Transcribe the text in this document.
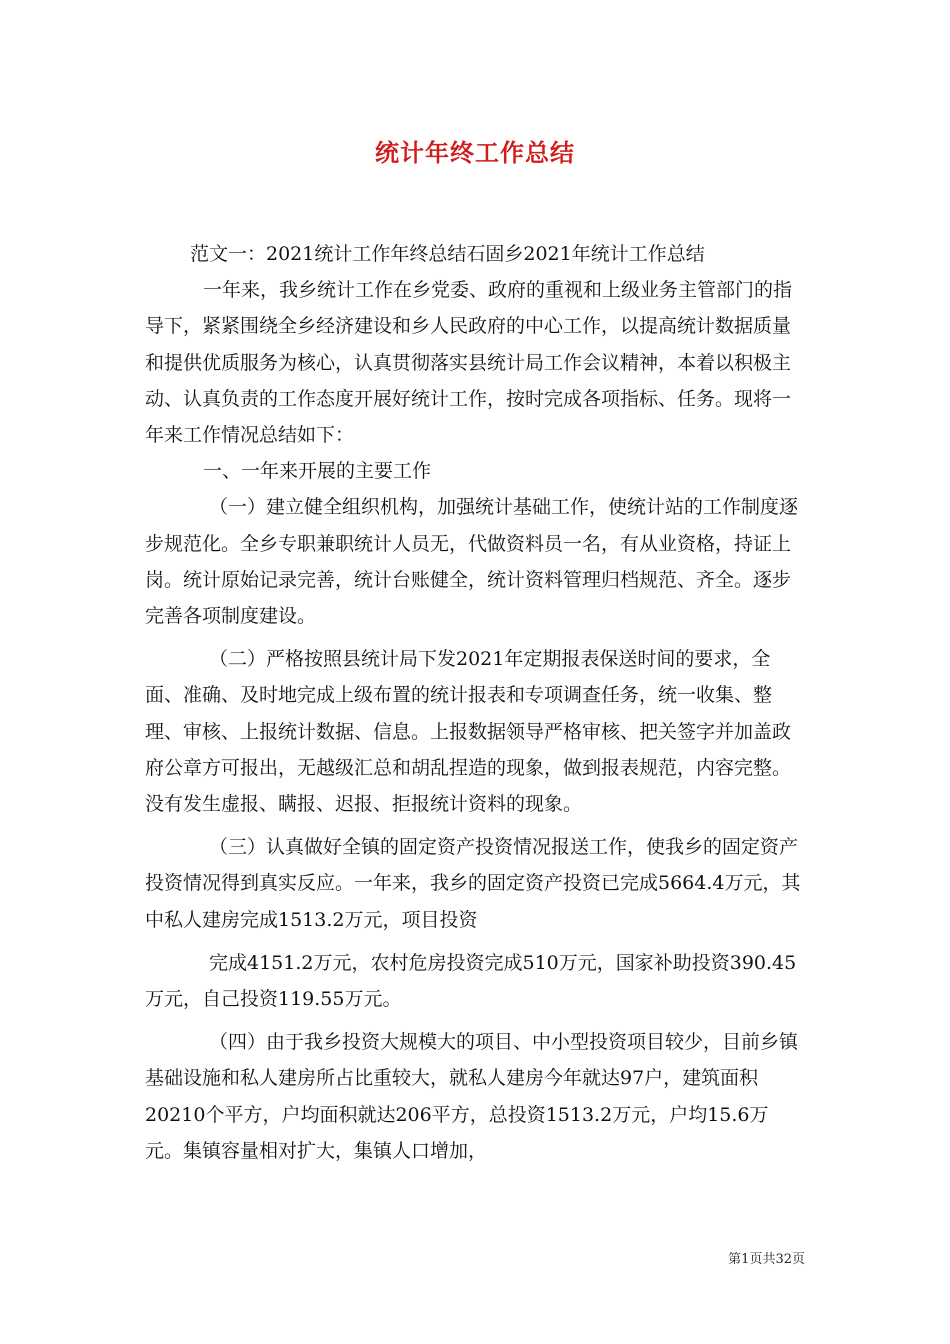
统计年终工作总结

范文一：2021统计工作年终总结石固乡2021年统计工作总结

一年来，我乡统计工作在乡党委、政府的重视和上级业务主管部门的指导下，紧紧围绕全乡经济建设和乡人民政府的中心工作，以提高统计数据质量和提供优质服务为核心，认真贯彻落实县统计局工作会议精神，本着以积极主动、认真负责的工作态度开展好统计工作，按时完成各项指标、任务。现将一年来工作情况总结如下：

一、一年来开展的主要工作

（一）建立健全组织机构，加强统计基础工作，使统计站的工作制度逐步规范化。全乡专职兼职统计人员无，代做资料员一名，有从业资格，持证上岗。统计原始记录完善，统计台账健全，统计资料管理归档规范、齐全。逐步完善各项制度建设。

（二）严格按照县统计局下发2021年定期报表保送时间的要求，全面、准确、及时地完成上级布置的统计报表和专项调查任务，统一收集、整理、审核、上报统计数据、信息。上报数据领导严格审核、把关签字并加盖政府公章方可报出，无越级汇总和胡乱捏造的现象，做到报表规范，内容完整。没有发生虚报、瞒报、迟报、拒报统计资料的现象。

（三）认真做好全镇的固定资产投资情况报送工作，使我乡的固定资产投资情况得到真实反应。一年来，我乡的固定资产投资已完成5664.4万元，其中私人建房完成1513.2万元，项目投资

完成4151.2万元，农村危房投资完成510万元，国家补助投资390.45万元，自己投资119.55万元。

（四）由于我乡投资大规模大的项目、中小型投资项目较少，目前乡镇基础设施和私人建房所占比重较大，就私人建房今年就达97户，建筑面积20210个平方，户均面积就达206平方，总投资1513.2万元，户均15.6万元。集镇容量相对扩大，集镇人口增加，

第1页共32页
